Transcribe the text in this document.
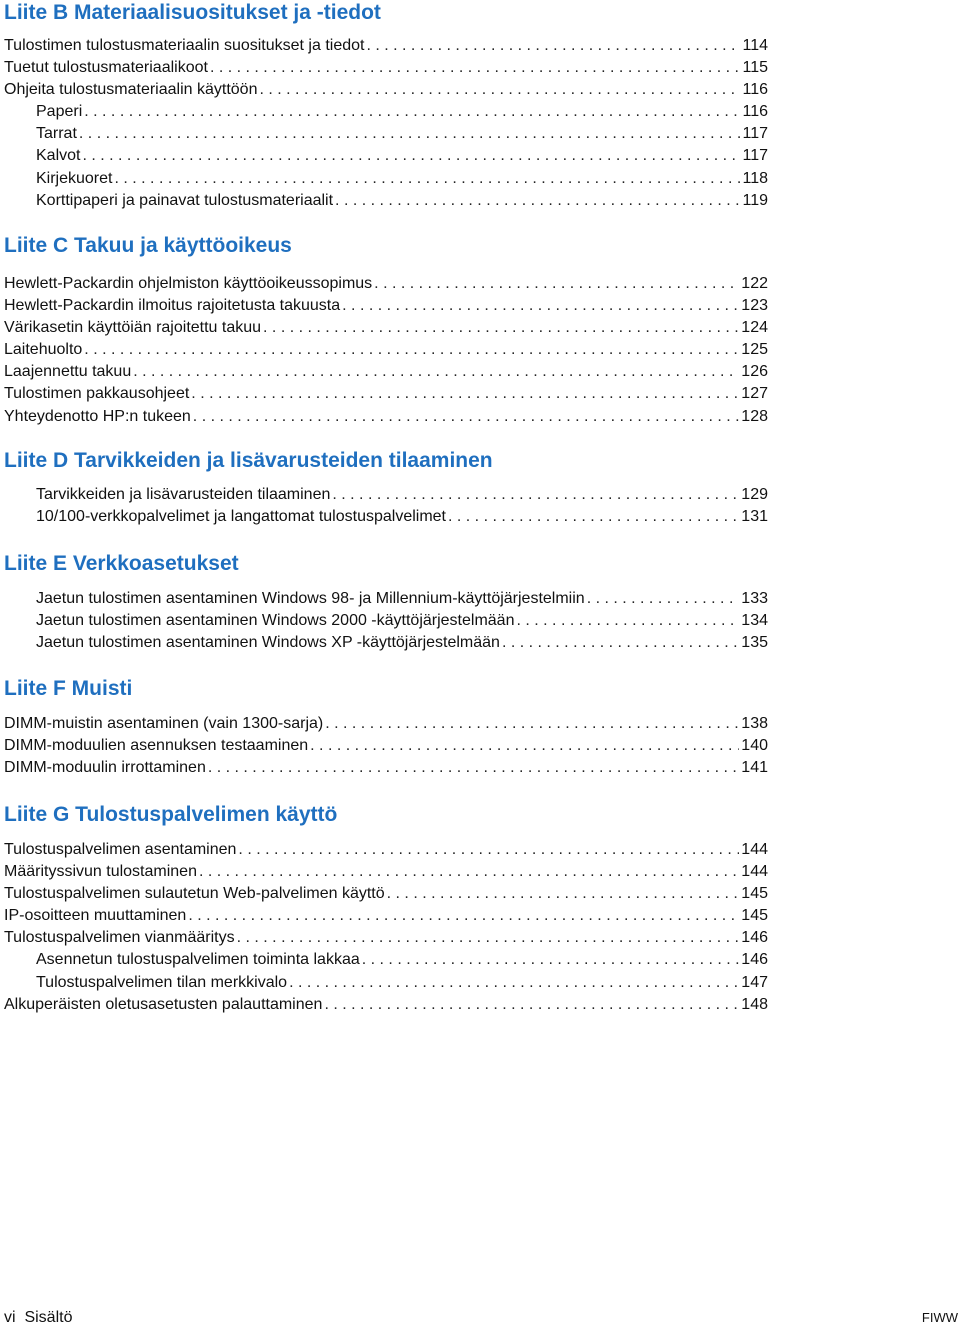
Liite B Materiaalisuositukset ja -tiedot
Tulostimen tulostusmateriaalin suositukset ja tiedot . . .	114
Tuetut tulostusmateriaalikoot . . .	115
Ohjeita tulostusmateriaalin käyttöön . . .	116
Paperi . . .	116
Tarrat . . .	117
Kalvot . . .	117
Kirjekuoret . . .	118
Korttipaperi ja painavat tulostusmateriaalit . . .	119
Liite C Takuu ja käyttöoikeus
Hewlett-Packardin ohjelmiston käyttöoikeussopimus . . .	122
Hewlett-Packardin ilmoitus rajoitetusta takuusta . . .	123
Värikasetin käyttöiän rajoitettu takuu . . .	124
Laitehuolto . . .	125
Laajennettu takuu . . .	126
Tulostimen pakkausohjeet . . .	127
Yhteydenotto HP:n tukeen . . .	128
Liite D Tarvikkeiden ja lisävarusteiden tilaaminen
Tarvikkeiden ja lisävarusteiden tilaaminen . . .	129
10/100-verkkopalvelimet ja langattomat tulostuspalvelimet . . .	131
Liite E Verkkoasetukset
Jaetun tulostimen asentaminen Windows 98- ja Millennium-käyttöjärjestelmiin . . .	133
Jaetun tulostimen asentaminen Windows 2000 -käyttöjärjestelmään . . .	134
Jaetun tulostimen asentaminen Windows XP -käyttöjärjestelmään . . .	135
Liite F Muisti
DIMM-muistin asentaminen (vain 1300-sarja) . . .	138
DIMM-moduulien asennuksen testaaminen . . .	140
DIMM-moduulin irrottaminen . . .	141
Liite G Tulostuspalvelimen käyttö
Tulostuspalvelimen asentaminen . . .	144
Määrityssivun tulostaminen . . .	144
Tulostuspalvelimen sulautetun Web-palvelimen käyttö . . .	145
IP-osoitteen muuttaminen . . .	145
Tulostuspalvelimen vianmääritys . . .	146
Asennetun tulostuspalvelimen toiminta lakkaa . . .	146
Tulostuspalvelimen tilan merkkivalo . . .	147
Alkuperäisten oletusasetusten palauttaminen . . .	148
vi Sisältö	FIWW
